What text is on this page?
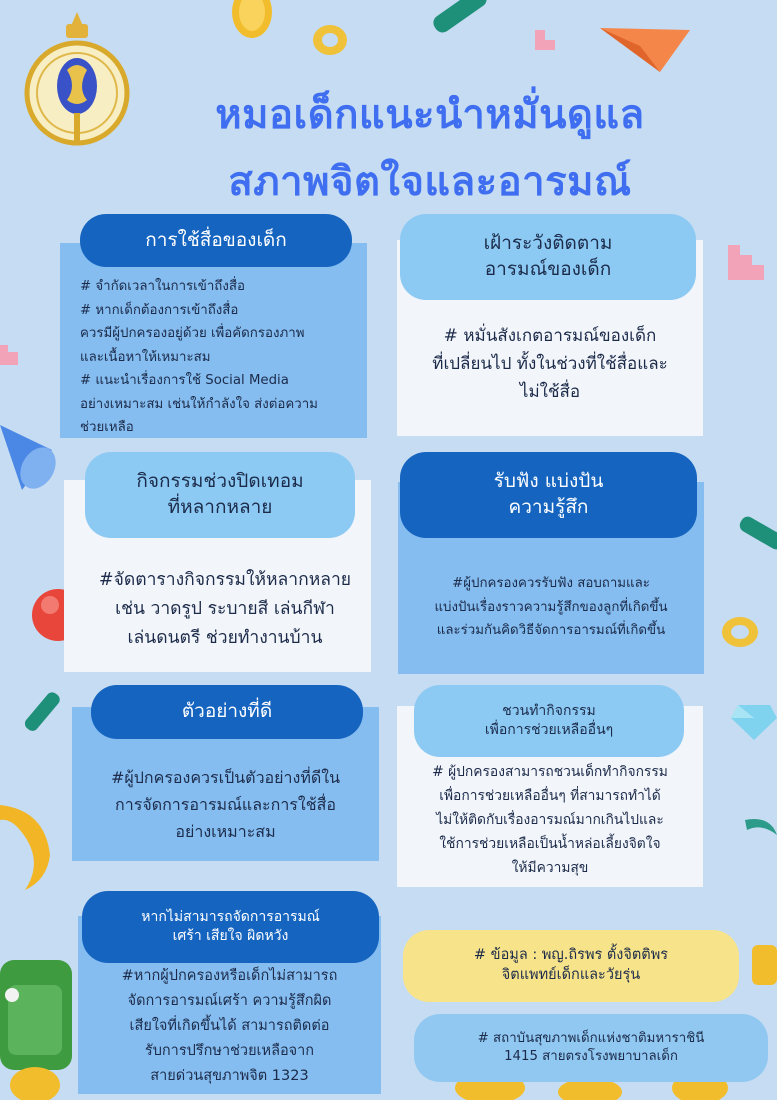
หมอเด็กแนะนำหมั่นดูแล
สภาพจิตใจและอารมณ์
การใช้สื่อของเด็ก
# จำกัดเวลาในการเข้าถึงสื่อ
# หากเด็กต้องการเข้าถึงสื่อ
ควรมีผู้ปกครองอยู่ด้วย เพื่อคัดกรองภาพ
และเนื้อหาให้เหมาะสม
# แนะนำเรื่องการใช้ Social Media
อย่างเหมาะสม เช่นให้กำลังใจ ส่งต่อความ
ช่วยเหลือ
เฝ้าระวังติดตาม
อารมณ์ของเด็ก
# หมั่นสังเกตอารมณ์ของเด็ก
ที่เปลี่ยนไป ทั้งในช่วงที่ใช้สื่อและ
ไม่ใช้สื่อ
กิจกรรมช่วงปิดเทอม
ที่หลากหลาย
#จัดตารางกิจกรรมให้หลากหลาย
เช่น วาดรูป ระบายสี เล่นกีฬา
เล่นดนตรี ช่วยทำงานบ้าน
รับฟัง แบ่งปัน
ความรู้สึก
#ผู้ปกครองควรรับฟัง สอบถามและ
แบ่งปันเรื่องราวความรู้สึกของลูกที่เกิดขึ้น
และร่วมกันคิดวิธีจัดการอารมณ์ที่เกิดขึ้น
ตัวอย่างที่ดี
#ผู้ปกครองควรเป็นตัวอย่างที่ดีใน
การจัดการอารมณ์และการใช้สื่อ
อย่างเหมาะสม
ชวนทำกิจกรรม
เพื่อการช่วยเหลืออื่นๆ
# ผู้ปกครองสามารถชวนเด็กทำกิจกรรม
เพื่อการช่วยเหลืออื่นๆ ที่สามารถทำได้
ไม่ให้ติดกับเรื่องอารมณ์มากเกินไปและ
ใช้การช่วยเหลือเป็นน้ำหล่อเลี้ยงจิตใจ
ให้มีความสุข
หากไม่สามารถจัดการอารมณ์
เศร้า เสียใจ ผิดหวัง
#หากผู้ปกครองหรือเด็กไม่สามารถ
จัดการอารมณ์เศร้า ความรู้สึกผิด
เสียใจที่เกิดขึ้นได้ สามารถติดต่อ
รับการปรึกษาช่วยเหลือจาก
สายด่วนสุขภาพจิต 1323
# ข้อมูล : พญ.ถิรพร ตั้งจิตติพร
จิตแพทย์เด็กและวัยรุ่น
# สถาบันสุขภาพเด็กแห่งชาติมหาราชินี
1415 สายตรงโรงพยาบาลเด็ก
